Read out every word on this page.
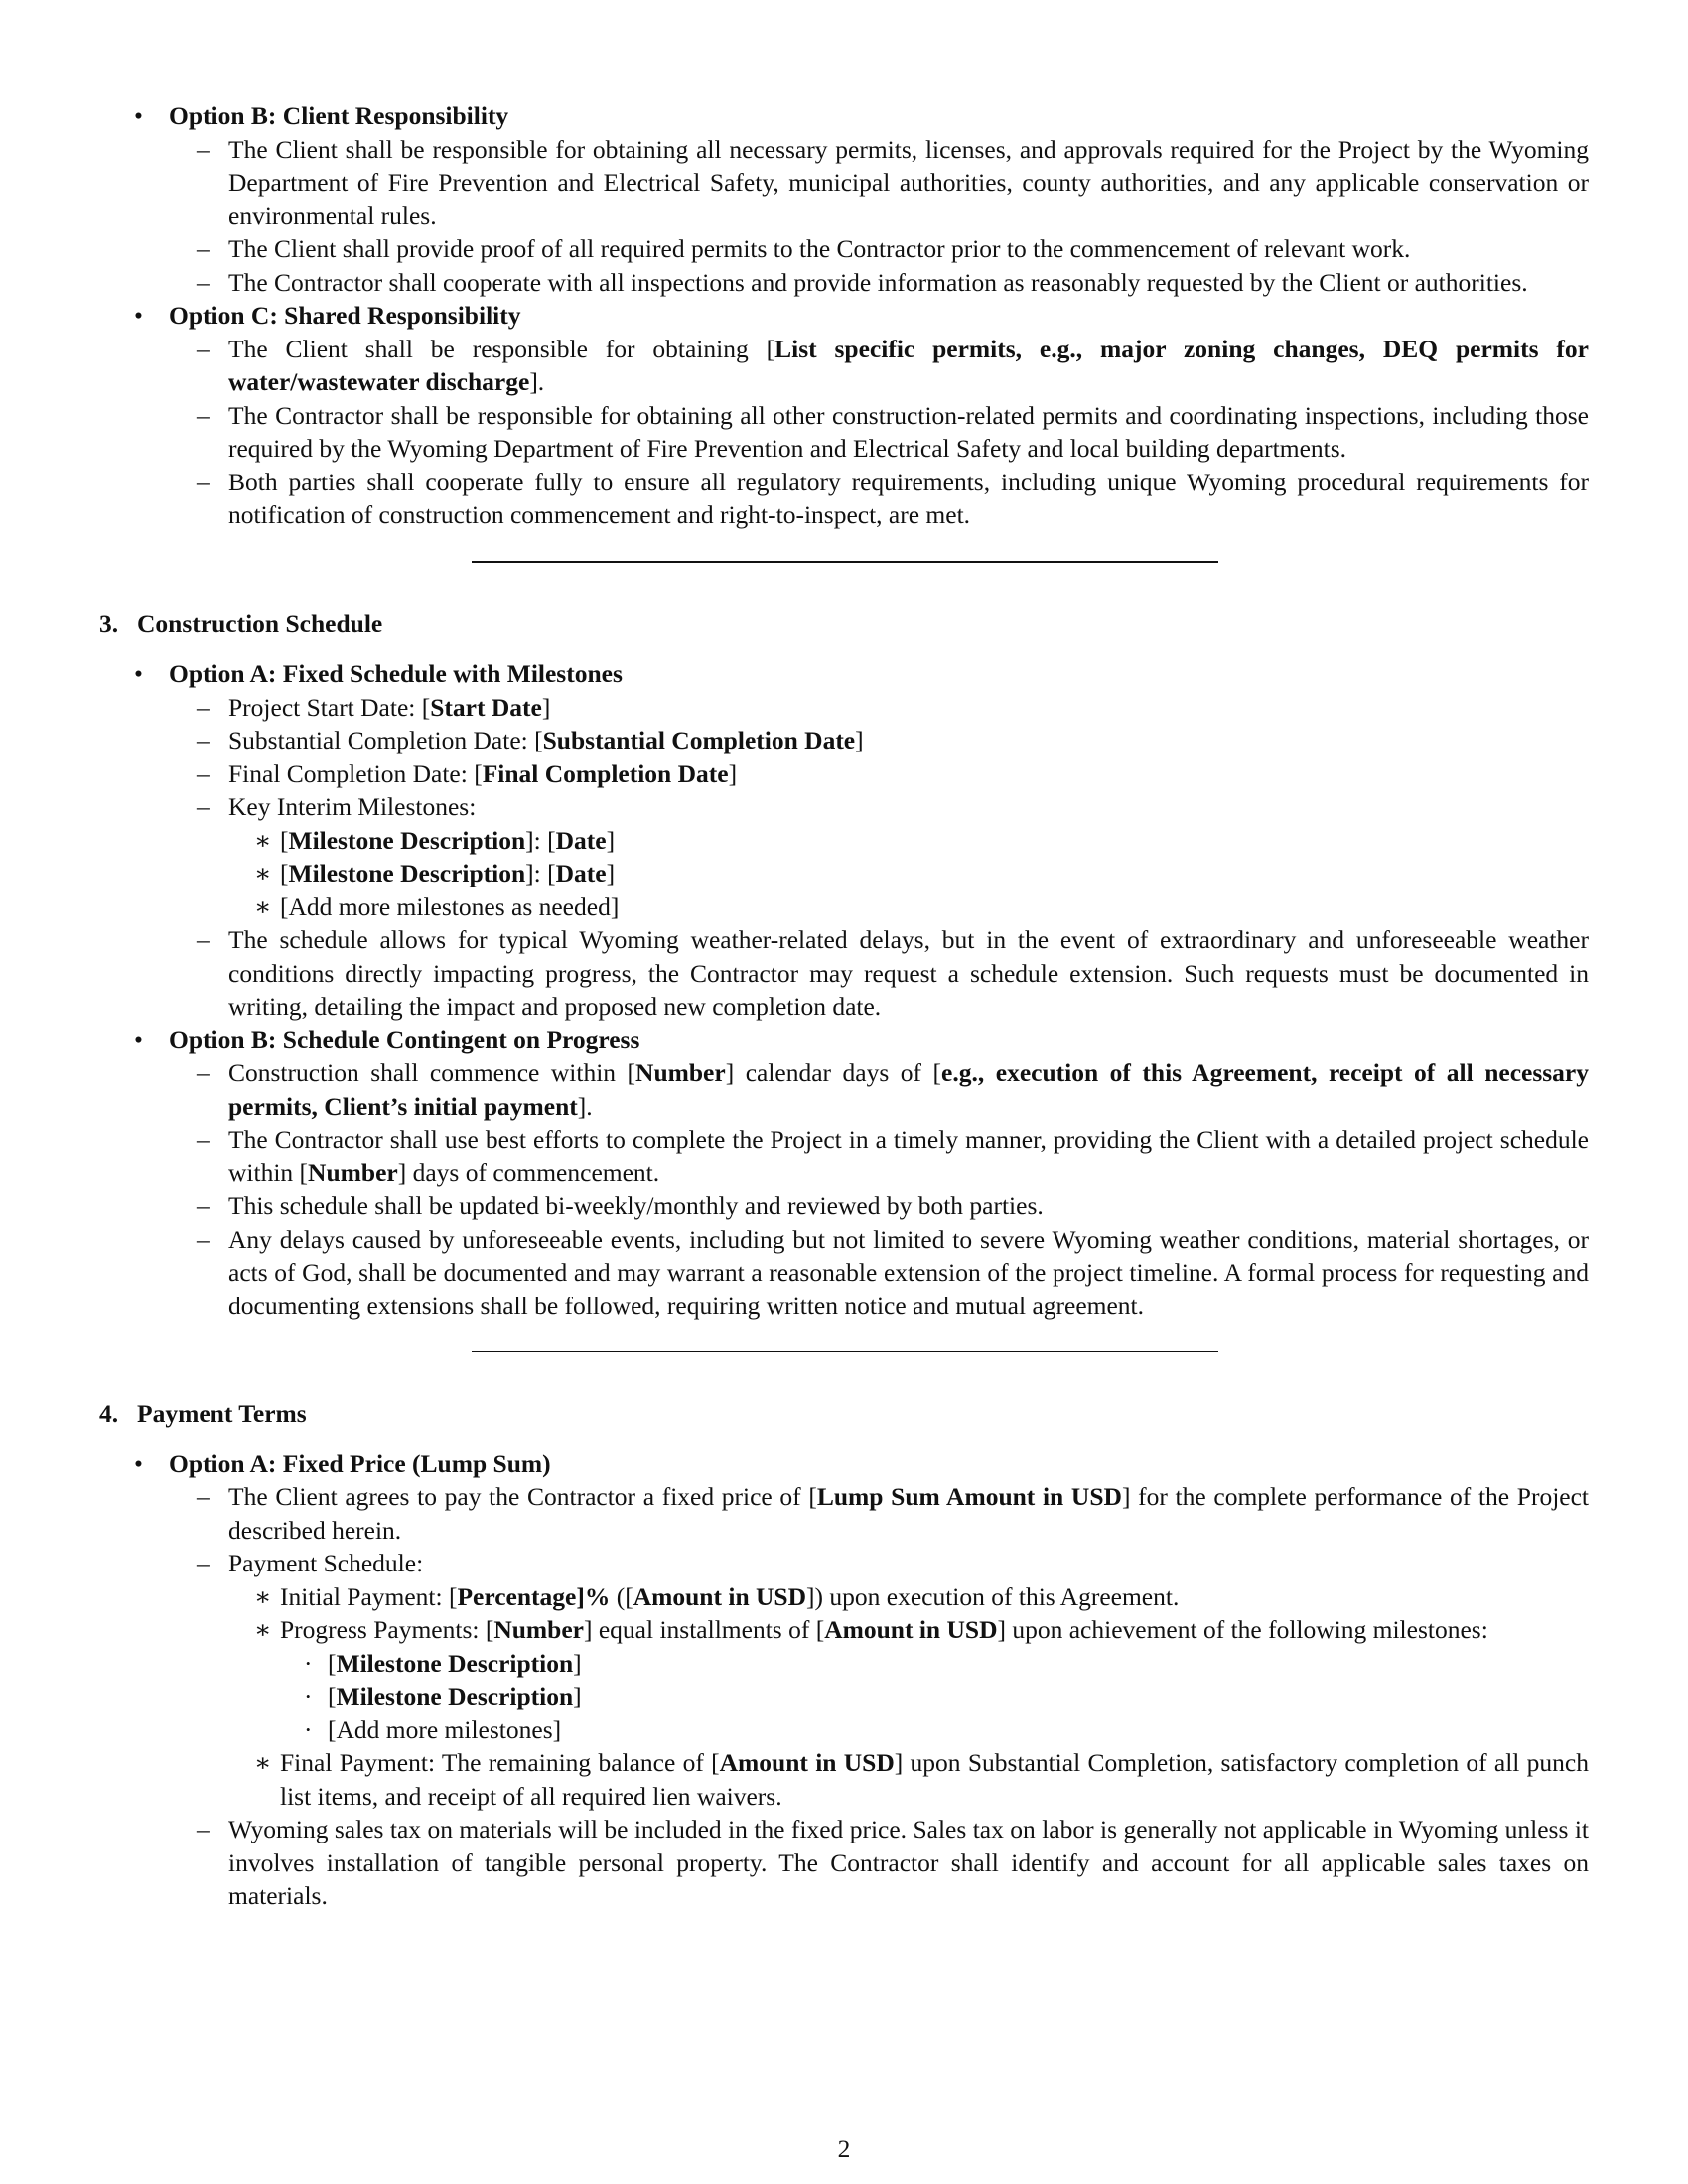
• Option B: Client Responsibility
– The Client shall be responsible for obtaining all necessary permits, licenses, and approvals required for the Project by the Wyoming Department of Fire Prevention and Electrical Safety, municipal authorities, county authorities, and any applicable conservation or environmental rules.
– The Client shall provide proof of all required permits to the Contractor prior to the commencement of relevant work.
– The Contractor shall cooperate with all inspections and provide information as reasonably requested by the Client or authorities.
• Option C: Shared Responsibility
– The Client shall be responsible for obtaining [List specific permits, e.g., major zoning changes, DEQ permits for water/wastewater discharge].
– The Contractor shall be responsible for obtaining all other construction-related permits and coordinating inspections, including those required by the Wyoming Department of Fire Prevention and Electrical Safety and local building departments.
– Both parties shall cooperate fully to ensure all regulatory requirements, including unique Wyoming procedural requirements for notification of construction commencement and right-to-inspect, are met.
3. Construction Schedule
• Option A: Fixed Schedule with Milestones
– Project Start Date: [Start Date]
– Substantial Completion Date: [Substantial Completion Date]
– Final Completion Date: [Final Completion Date]
– Key Interim Milestones:
∗ [Milestone Description]: [Date]
∗ [Milestone Description]: [Date]
∗ [Add more milestones as needed]
– The schedule allows for typical Wyoming weather-related delays, but in the event of extraordinary and unforeseeable weather conditions directly impacting progress, the Contractor may request a schedule extension. Such requests must be documented in writing, detailing the impact and proposed new completion date.
• Option B: Schedule Contingent on Progress
– Construction shall commence within [Number] calendar days of [e.g., execution of this Agreement, receipt of all necessary permits, Client’s initial payment].
– The Contractor shall use best efforts to complete the Project in a timely manner, providing the Client with a detailed project schedule within [Number] days of commencement.
– This schedule shall be updated bi-weekly/monthly and reviewed by both parties.
– Any delays caused by unforeseeable events, including but not limited to severe Wyoming weather conditions, material shortages, or acts of God, shall be documented and may warrant a reasonable extension of the project timeline. A formal process for requesting and documenting extensions shall be followed, requiring written notice and mutual agreement.
4. Payment Terms
• Option A: Fixed Price (Lump Sum)
– The Client agrees to pay the Contractor a fixed price of [Lump Sum Amount in USD] for the complete performance of the Project described herein.
– Payment Schedule:
∗ Initial Payment: [Percentage]% ([Amount in USD]) upon execution of this Agreement.
∗ Progress Payments: [Number] equal installments of [Amount in USD] upon achievement of the following milestones:
· [Milestone Description]
· [Milestone Description]
· [Add more milestones]
∗ Final Payment: The remaining balance of [Amount in USD] upon Substantial Completion, satisfactory completion of all punch list items, and receipt of all required lien waivers.
– Wyoming sales tax on materials will be included in the fixed price. Sales tax on labor is generally not applicable in Wyoming unless it involves installation of tangible personal property. The Contractor shall identify and account for all applicable sales taxes on materials.
2
